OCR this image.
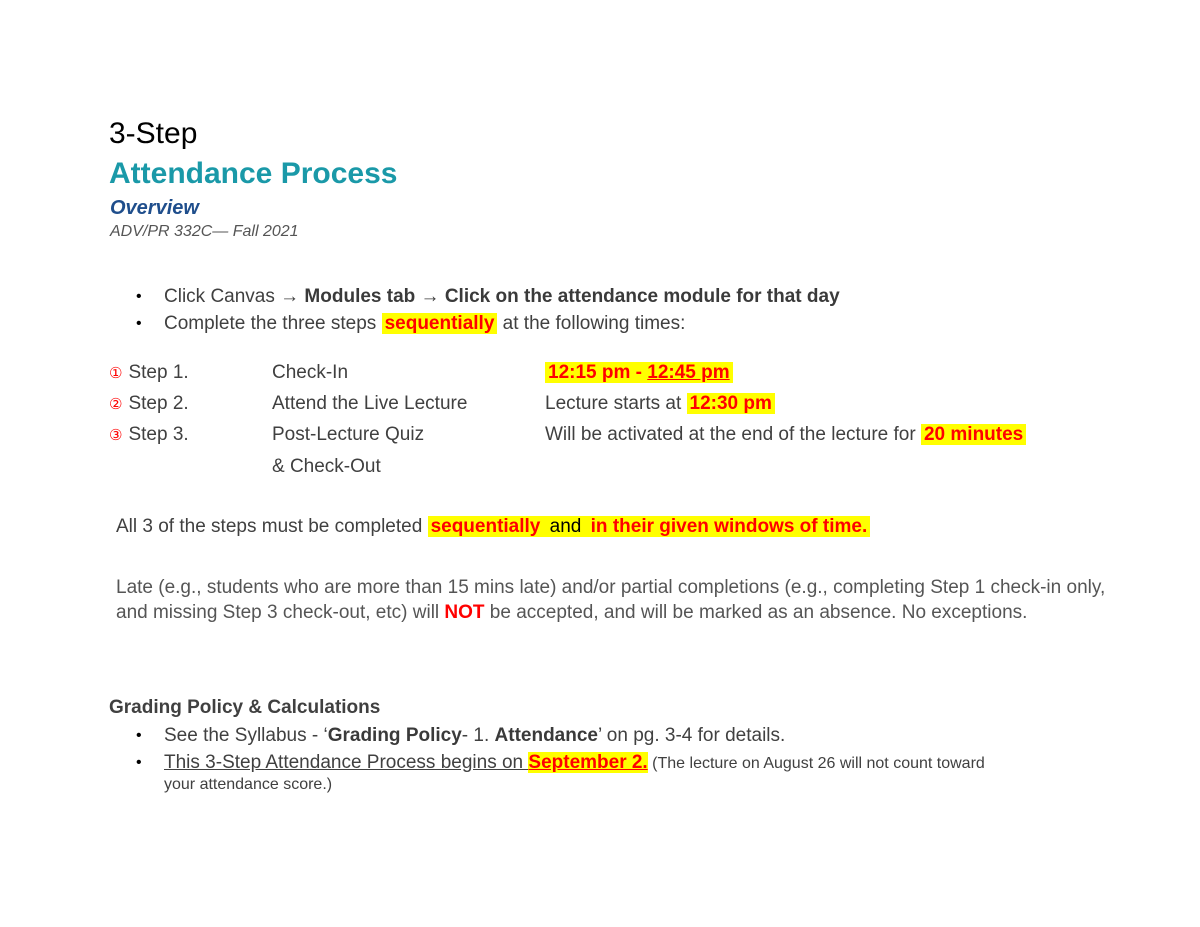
3-Step
Attendance Process
Overview
ADV/PR 332C— Fall 2021
• Click Canvas → Modules tab → Click on the attendance module for that day
• Complete the three steps sequentially at the following times:
① Step 1.	Check-In	12:15 pm - 12:45 pm
② Step 2.	Attend the Live Lecture	Lecture starts at 12:30 pm
③ Step 3.	Post-Lecture Quiz	Will be activated at the end of the lecture for 20 minutes
& Check-Out
All 3 of the steps must be completed sequentially and in their given windows of time.
Late (e.g., students who are more than 15 mins late) and/or partial completions (e.g., completing Step 1 check-in only, and missing Step 3 check-out, etc) will NOT be accepted, and will be marked as an absence. No exceptions.
Grading Policy & Calculations
• See the Syllabus - ‘Grading Policy- 1. Attendance’ on pg. 3-4 for details.
• This 3-Step Attendance Process begins on September 2. (The lecture on August 26 will not count toward
your attendance score.)
